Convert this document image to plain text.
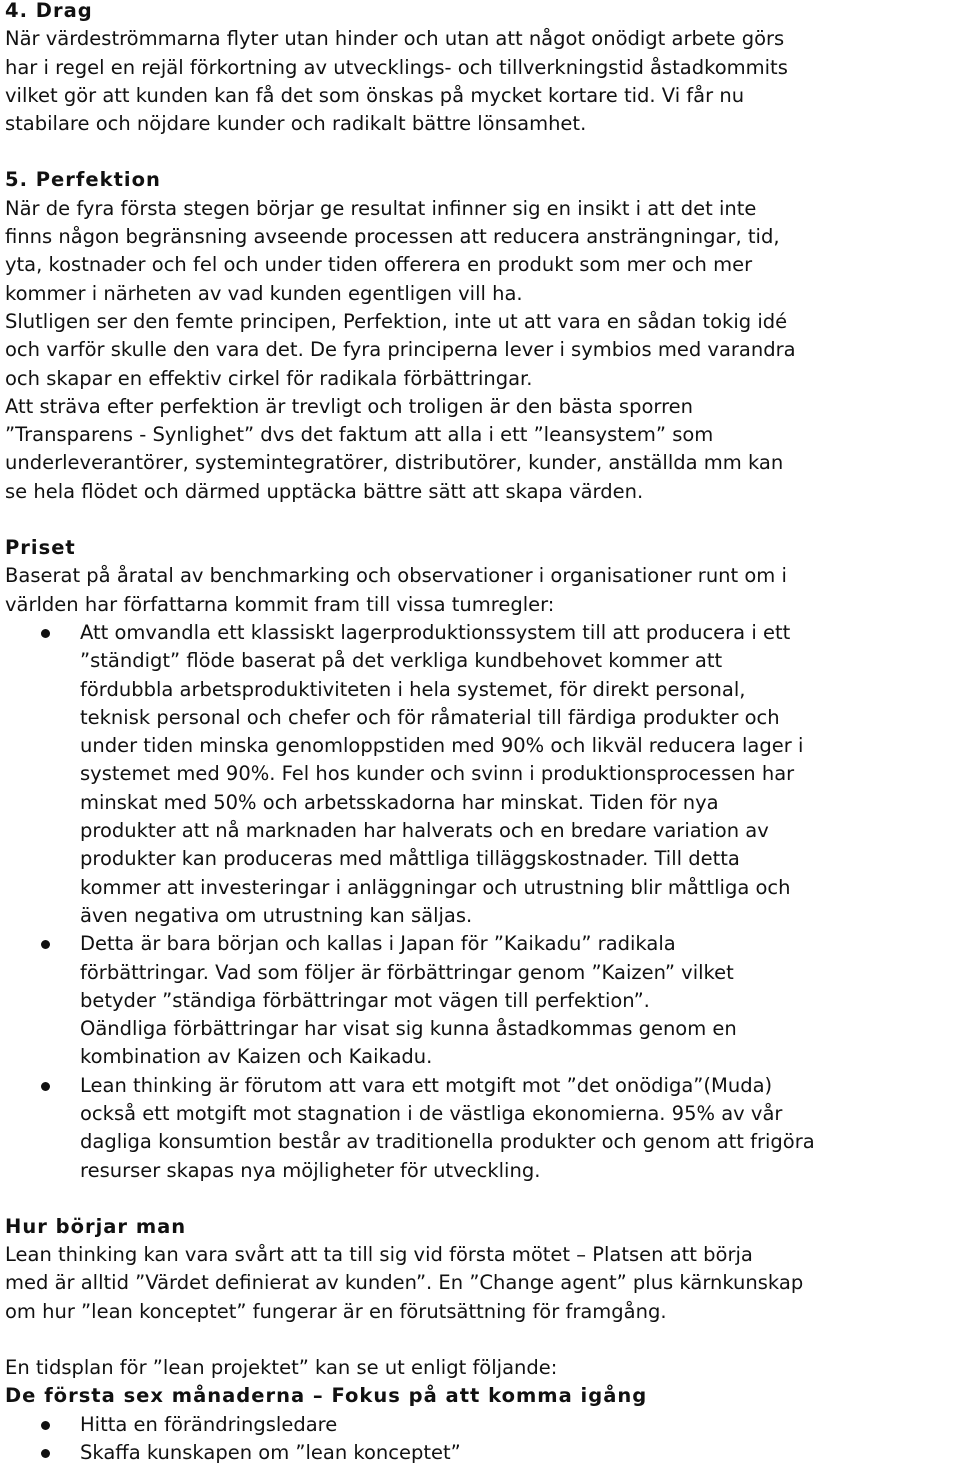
4. Drag

När värdeströmmarna flyter utan hinder och utan att något onödigt arbete görs

har i regel en rejäl förkortning av utvecklings- och tillverkningstid åstadkommits

vilket gör att kunden kan få det som önskas på mycket kortare tid. Vi får nu

stabilare och nöjdare kunder och radikalt bättre lönsamhet.

5. Perfektion

När de fyra första stegen börjar ge resultat infinner sig en insikt i att det inte

finns någon begränsning avseende processen att reducera ansträngningar, tid,

yta, kostnader och fel och under tiden offerera en produkt som mer och mer

kommer i närheten av vad kunden egentligen vill ha.

Slutligen ser den femte principen, Perfektion, inte ut att vara en sådan tokig idé

och varför skulle den vara det. De fyra principerna lever i symbios med varandra

och skapar en effektiv cirkel för radikala förbättringar.

Att sträva efter perfektion är trevligt och troligen är den bästa sporren

”Transparens - Synlighet” dvs det faktum att alla i ett ”leansystem” som

underleverantörer, systemintegratörer, distributörer, kunder, anställda mm kan

se hela flödet och därmed upptäcka bättre sätt att skapa värden.

Priset

Baserat på åratal av benchmarking och observationer i organisationer runt om i

världen har författarna kommit fram till vissa tumregler:

Att omvandla ett klassiskt lagerproduktionssystem till att producera i ett
”ständigt” flöde baserat på det verkliga kundbehovet kommer att
fördubbla arbetsproduktiviteten i hela systemet, för direkt personal,
teknisk personal och chefer och för råmaterial till färdiga produkter och
under tiden minska genomloppstiden med 90% och likväl reducera lager i
systemet med 90%. Fel hos kunder och svinn i produktionsprocessen har
minskat med 50% och arbetsskadorna har minskat. Tiden för nya
produkter att nå marknaden har halverats och en bredare variation av
produkter kan produceras med måttliga tilläggskostnader. Till detta
kommer att investeringar i anläggningar och utrustning blir måttliga och
även negativa om utrustning kan säljas.
Detta är bara början och kallas i Japan för ”Kaikadu” radikala
förbättringar. Vad som följer är förbättringar genom ”Kaizen” vilket
betyder ”ständiga förbättringar mot vägen till perfektion”.
Oändliga förbättringar har visat sig kunna åstadkommas genom en
kombination av Kaizen och Kaikadu.
Lean thinking är förutom att vara ett motgift mot ”det onödiga”(Muda)
också ett motgift mot stagnation i de västliga ekonomierna. 95% av vår
dagliga konsumtion består av traditionella produkter och genom att frigöra
resurser skapas nya möjligheter för utveckling.

Hur börjar man

Lean thinking kan vara svårt att ta till sig vid första mötet – Platsen att börja

med är alltid ”Värdet definierat av kunden”. En ”Change agent” plus kärnkunskap

om hur ”lean konceptet” fungerar är en förutsättning för framgång.

En tidsplan för ”lean projektet” kan se ut enligt följande:

De första sex månaderna – Fokus på att komma igång

Hitta en förändringsledare
Skaffa kunskapen om ”lean konceptet”
